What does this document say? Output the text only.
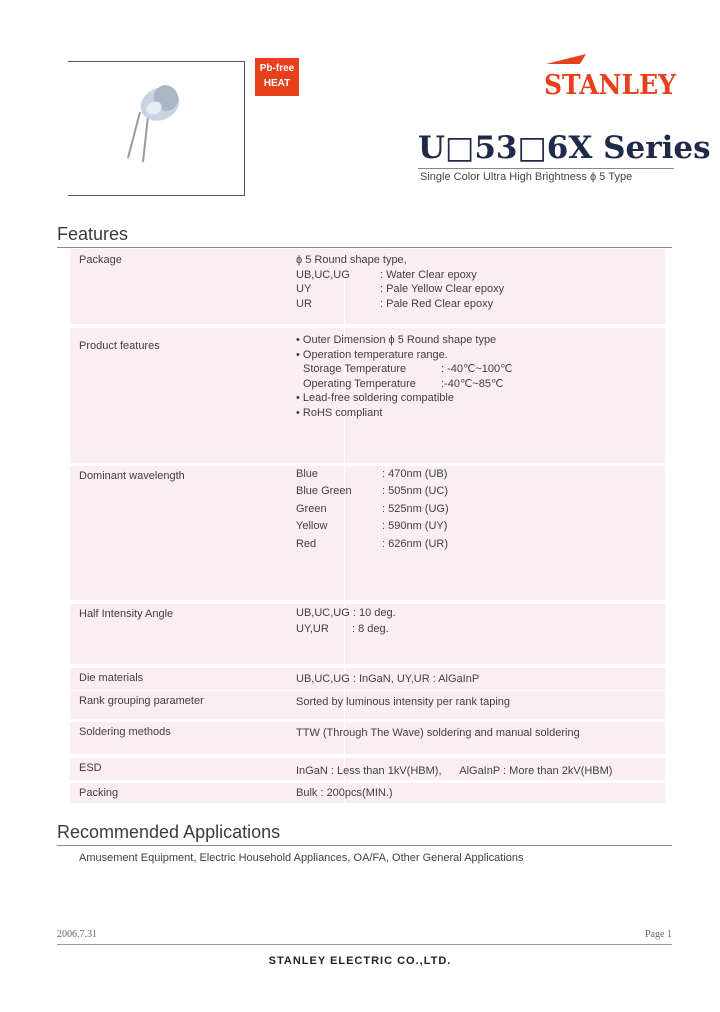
Pb-free
HEAT	STANLEY
U□53□6X Series
Single Color Ultra High Brightness ϕ 5 Type
Features
Package	ϕ 5 Round shape type,
UB,UC,UG	: Water Clear epoxy
UY	: Pale Yellow Clear epoxy
UR	: Pale Red Clear epoxy
Product features	• Outer Dimension ϕ 5 Round shape type
• Operation temperature range.
Storage Temperature	: -40℃~100℃
Operating Temperature :-40℃~85℃
• Lead-free soldering compatible
• RoHS compliant
Dominant wavelength	Blue	: 470nm (UB)
Blue Green	: 505nm (UC)
Green	: 525nm (UG)
Yellow	: 590nm (UY)
Red	: 626nm (UR)
Half Intensity Angle	UB,UC,UG : 10 deg.
UY,UR	: 8 deg.
Die materials	UB,UC,UG : InGaN, UY,UR : AlGaInP
Rank grouping parameter	Sorted by luminous intensity per rank taping
Soldering methods	TTW (Through The Wave) soldering and manual soldering
ESD	InGaN : Less than 1kV(HBM),      AlGaInP : More than 2kV(HBM)
Packing	Bulk : 200pcs(MIN.)
Recommended Applications
Amusement Equipment, Electric Household Appliances, OA/FA, Other General Applications
2006.7.31	Page 1
STANLEY ELECTRIC CO.,LTD.
